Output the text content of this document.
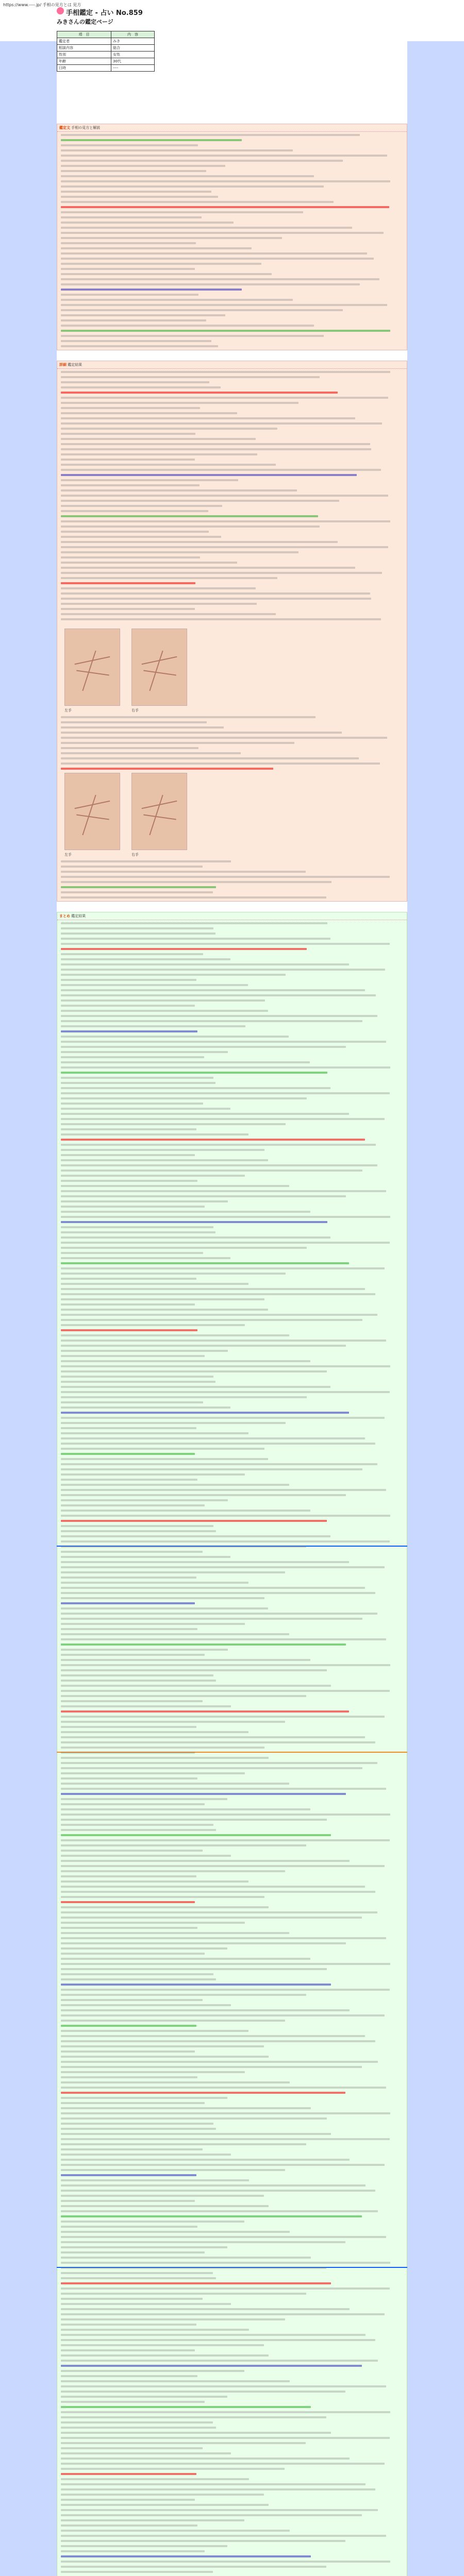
https://www.----.jp/ 手相の見方とは 見方
手相鑑定 - 占い No.859
みきさんの鑑定ページ
項　目	内　容
鑑定者	みき
相談内容	総合
性別	女性
年齢	30代
日時	----
鑑定文 手相の見方と解説
詳細 鑑定結果
左手	右手
左手	右手
まとめ 鑑定結果
